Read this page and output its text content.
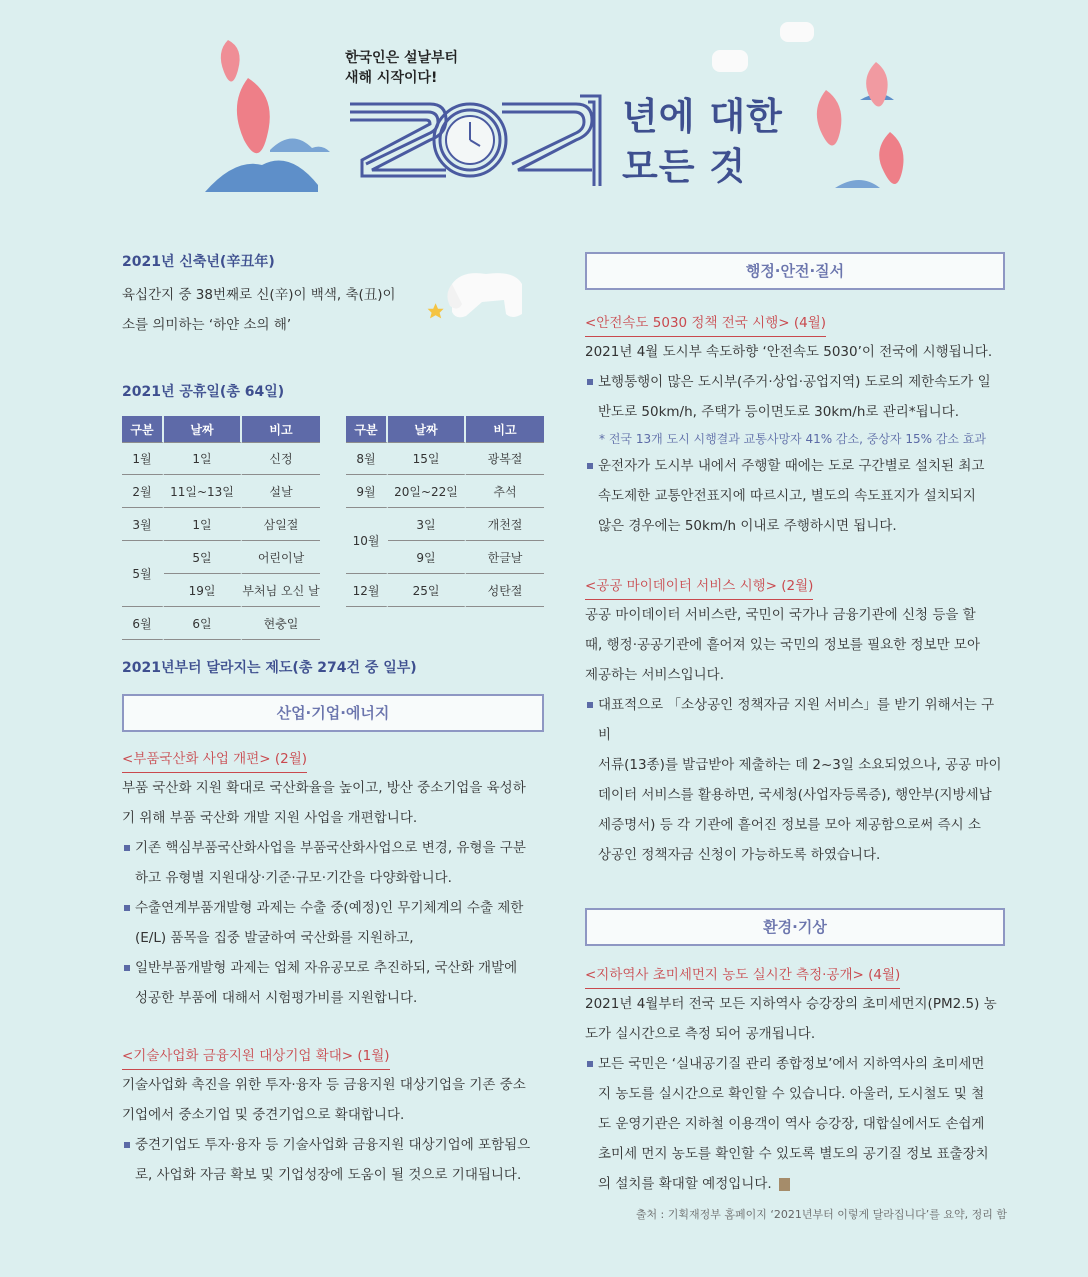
한국인은 설날부터
새해 시작이다!
년에 대한
모든 것
2021년 신축년(辛丑年)
육십간지 중 38번째로 신(辛)이 백색, 축(丑)이
소를 의미하는 ‘하얀 소의 해’
2021년 공휴일(총 64일)
구분	날짜	비고
1월	1일	신정
2월	11일~13일	설날
3월	1일	삼일절
5월	5일	어린이날
	19일	부처님 오신 날
6월	6일	현충일
구분	날짜	비고
8월	15일	광복절
9월	20일~22일	추석
10월	3일	개천절
	9일	한글날
12월	25일	성탄절
2021년부터 달라지는 제도(총 274건 중 일부)
산업·기업·에너지
<부품국산화 사업 개편> (2월)
부품 국산화 지원 확대로 국산화율을 높이고, 방산 중소기업을 육성하
기 위해 부품 국산화 개발 지원 사업을 개편합니다.
기존 핵심부품국산화사업을 부품국산화사업으로 변경, 유형을 구분
하고 유형별 지원대상·기준·규모·기간을 다양화합니다.
수출연계부품개발형 과제는 수출 중(예정)인 무기체계의 수출 제한
(E/L) 품목을 집중 발굴하여 국산화를 지원하고,
일반부품개발형 과제는 업체 자유공모로 추진하되, 국산화 개발에
성공한 부품에 대해서 시험평가비를 지원합니다.
<기술사업화 금융지원 대상기업 확대> (1월)
기술사업화 촉진을 위한 투자·융자 등 금융지원 대상기업을 기존 중소
기업에서 중소기업 및 중견기업으로 확대합니다.
중견기업도 투자·융자 등 기술사업화 금융지원 대상기업에 포함됨으
로, 사업화 자금 확보 및 기업성장에 도움이 될 것으로 기대됩니다.
행정·안전·질서
<안전속도 5030 정책 전국 시행> (4월)
2021년 4월 도시부 속도하향 ‘안전속도 5030’이 전국에 시행됩니다.
보행통행이 많은 도시부(주거·상업·공업지역) 도로의 제한속도가 일
반도로 50km/h, 주택가 등이면도로 30km/h로 관리*됩니다.
* 전국 13개 도시 시행결과 교통사망자 41% 감소, 중상자 15% 감소 효과
운전자가 도시부 내에서 주행할 때에는 도로 구간별로 설치된 최고
속도제한 교통안전표지에 따르시고, 별도의 속도표지가 설치되지
않은 경우에는 50km/h 이내로 주행하시면 됩니다.
<공공 마이데이터 서비스 시행> (2월)
공공 마이데이터 서비스란, 국민이 국가나 금융기관에 신청 등을 할
때, 행정·공공기관에 흩어져 있는 국민의 정보를 필요한 정보만 모아
제공하는 서비스입니다.
대표적으로 「소상공인 정책자금 지원 서비스」를 받기 위해서는 구비
서류(13종)를 발급받아 제출하는 데 2~3일 소요되었으나, 공공 마이
데이터 서비스를 활용하면, 국세청(사업자등록증), 행안부(지방세납
세증명서) 등 각 기관에 흩어진 정보를 모아 제공함으로써 즉시 소
상공인 정책자금 신청이 가능하도록 하였습니다.
환경·기상
<지하역사 초미세먼지 농도 실시간 측정·공개> (4월)
2021년 4월부터 전국 모든 지하역사 승강장의 초미세먼지(PM2.5) 농
도가 실시간으로 측정 되어 공개됩니다.
모든 국민은 ‘실내공기질 관리 종합정보’에서 지하역사의 초미세먼
지 농도를 실시간으로 확인할 수 있습니다. 아울러, 도시철도 및 철
도 운영기관은 지하철 이용객이 역사 승강장, 대합실에서도 손쉽게
초미세 먼지 농도를 확인할 수 있도록 별도의 공기질 정보 표출장치
의 설치를 확대할 예정입니다.
출처 : 기획재정부 홈페이지 ‘2021년부터 이렇게 달라집니다’를 요약, 정리 함
